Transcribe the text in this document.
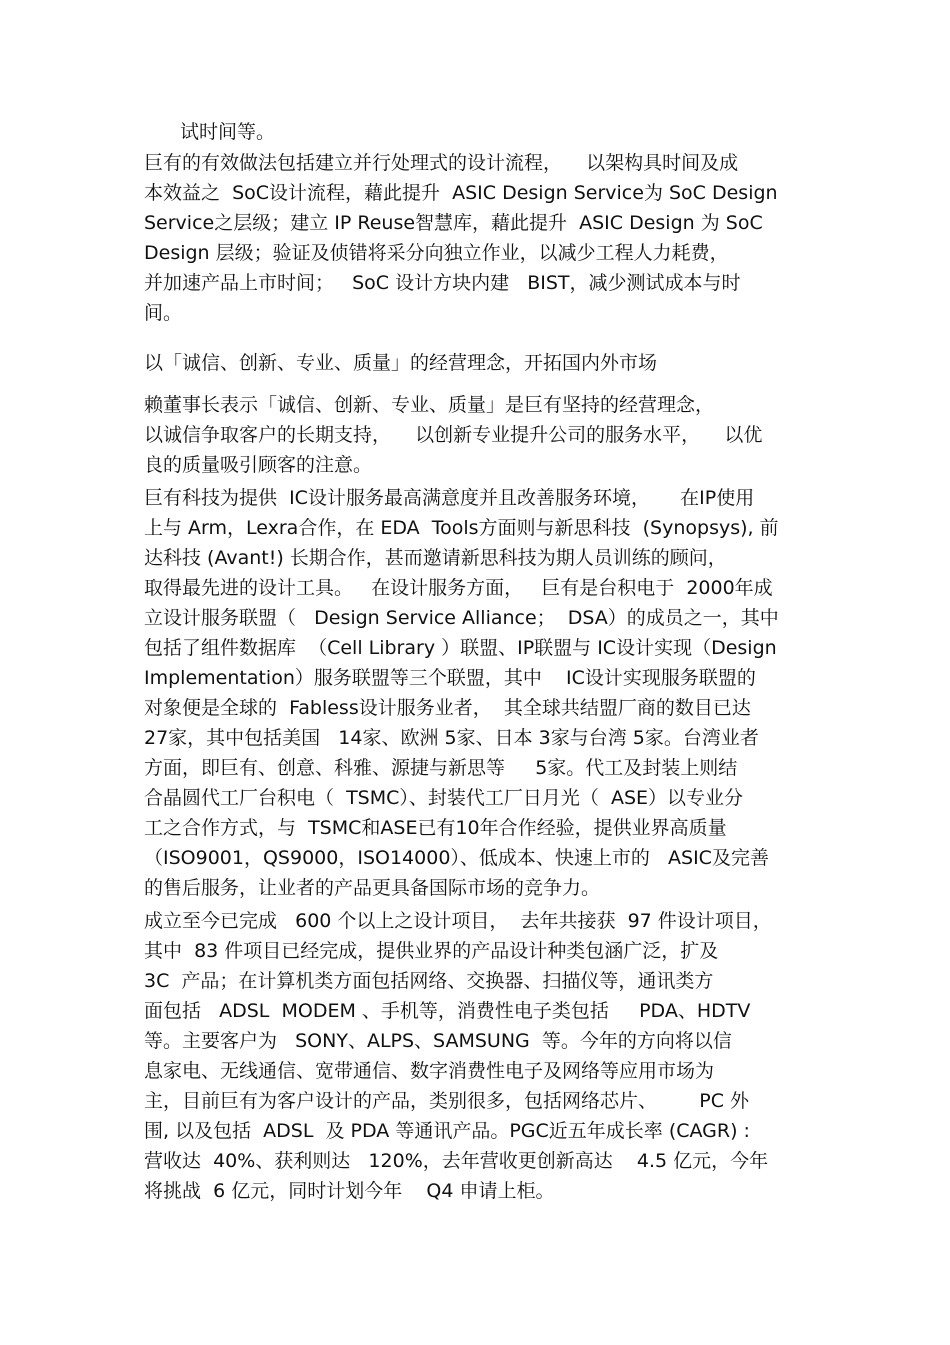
试时间等。
巨有的有效做法包括建立并行处理式的设计流程，    以架构具时间及成
本效益之  SoC设计流程，藉此提升  ASIC Design Service为 SoC Design
Service之层级；建立 IP Reuse智慧库，藉此提升  ASIC Design 为 SoC
Design 层级；验证及侦错将采分向独立作业，以减少工程人力耗费，
并加速产品上市时间；   SoC 设计方块内建   BIST，减少测试成本与时
间。
以「诚信、创新、专业、质量」的经营理念，开拓国内外市场
赖董事长表示「诚信、创新、专业、质量」是巨有坚持的经营理念，
以诚信争取客户的长期支持，    以创新专业提升公司的服务水平，    以优
良的质量吸引顾客的注意。
巨有科技为提供  IC设计服务最高满意度并且改善服务环境，     在IP使用
上与 Arm，Lexra合作，在 EDA  Tools方面则与新思科技  (Synopsys), 前
达科技 (Avant!) 长期合作，甚而邀请新思科技为期人员训练的顾问，
取得最先进的设计工具。   在设计服务方面，   巨有是台积电于  2000年成
立设计服务联盟（   Design Service Alliance；  DSA）的成员之一，其中
包括了组件数据库  （Cell Library ）联盟、IP联盟与 IC设计实现（Design
Implementation）服务联盟等三个联盟，其中    IC设计实现服务联盟的
对象便是全球的  Fabless设计服务业者，  其全球共结盟厂商的数目已达
27家，其中包括美国   14家、欧洲 5家、日本 3家与台湾 5家。台湾业者
方面，即巨有、创意、科雅、源捷与新思等     5家。代工及封装上则结
合晶圆代工厂台积电（  TSMC）、封装代工厂日月光（  ASE）以专业分
工之合作方式，与  TSMC和ASE已有10年合作经验，提供业界高质量
（ISO9001，QS9000，ISO14000）、低成本、快速上市的   ASIC及完善
的售后服务，让业者的产品更具备国际市场的竞争力。
成立至今已完成   600 个以上之设计项目，  去年共接获  97 件设计项目，
其中  83 件项目已经完成，提供业界的产品设计种类包涵广泛，扩及
3C  产品；在计算机类方面包括网络、交换器、扫描仪等，通讯类方
面包括   ADSL  MODEM 、手机等，消费性电子类包括     PDA、HDTV
等。主要客户为   SONY、ALPS、SAMSUNG  等。今年的方向将以信
息家电、无线通信、宽带通信、数字消费性电子及网络等应用市场为
主，目前巨有为客户设计的产品，类别很多，包括网络芯片、       PC 外
围, 以及包括  ADSL  及 PDA 等通讯产品。PGC近五年成长率 (CAGR) :
营收达  40%、获利则达   120%，去年营收更创新高达    4.5 亿元，今年
将挑战  6 亿元，同时计划今年    Q4 申请上柜。
